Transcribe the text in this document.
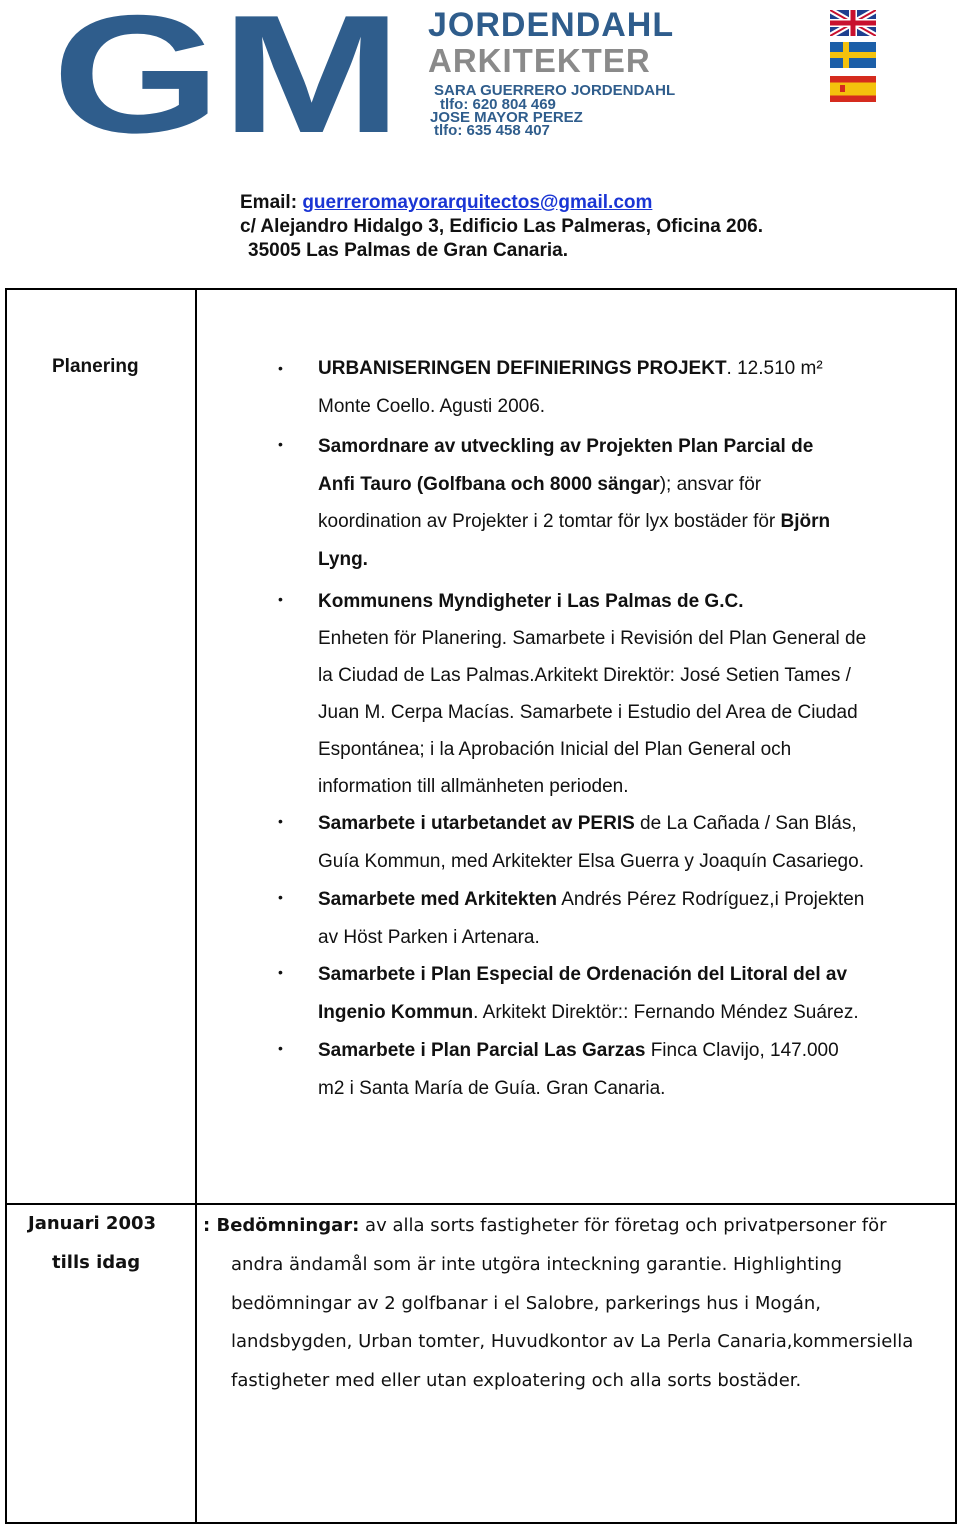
GM JORDENDAHL
ARKITEKTER
SARA GUERRERO JORDENDAHL
tlfo: 620 804 469
JOSE MAYOR PEREZ
tlfo: 635 458 407
Email: guerreromayorarquitectos@gmail.com
c/ Alejandro Hidalgo 3, Edificio Las Palmeras, Oficina 206.
35005 Las Palmas de Gran Canaria.
Planering	• URBANISERINGEN DEFINIERINGS PROJEKT. 12.510 m²
Monte Coello. Agusti 2006.
• Samordnare av utveckling av Projekten Plan Parcial de
Anfi Tauro (Golfbana och 8000 sängar); ansvar för
koordination av Projekter i 2 tomtar för lyx bostäder för Björn
Lyng.
• Kommunens Myndigheter i Las Palmas de G.C.
Enheten för Planering. Samarbete i Revisión del Plan General de
la Ciudad de Las Palmas.Arkitekt Direktör: José Setien Tames /
Juan M. Cerpa Macías. Samarbete i Estudio del Area de Ciudad
Espontánea; i la Aprobación Inicial del Plan General och
information till allmänheten perioden.
• Samarbete i utarbetandet av PERIS de La Cañada / San Blás,
Guía Kommun, med Arkitekter Elsa Guerra y Joaquín Casariego.
• Samarbete med Arkitekten Andrés Pérez Rodríguez,i Projekten
av Höst Parken i Artenara.
• Samarbete i Plan Especial de Ordenación del Litoral del av
Ingenio Kommun. Arkitekt Direktör:: Fernando Méndez Suárez.
• Samarbete i Plan Parcial Las Garzas Finca Clavijo, 147.000
m2 i Santa María de Guía. Gran Canaria.
Januari 2003
tills idag
: Bedömningar: av alla sorts fastigheter för företag och privatpersoner för
andra ändamål som är inte utgöra inteckning garantie. Highlighting
bedömningar av 2 golfbanar i el Salobre, parkerings hus i Mogán,
landsbygden, Urban tomter, Huvudkontor av La Perla Canaria,kommersiella
fastigheter med eller utan exploatering och alla sorts bostäder.
